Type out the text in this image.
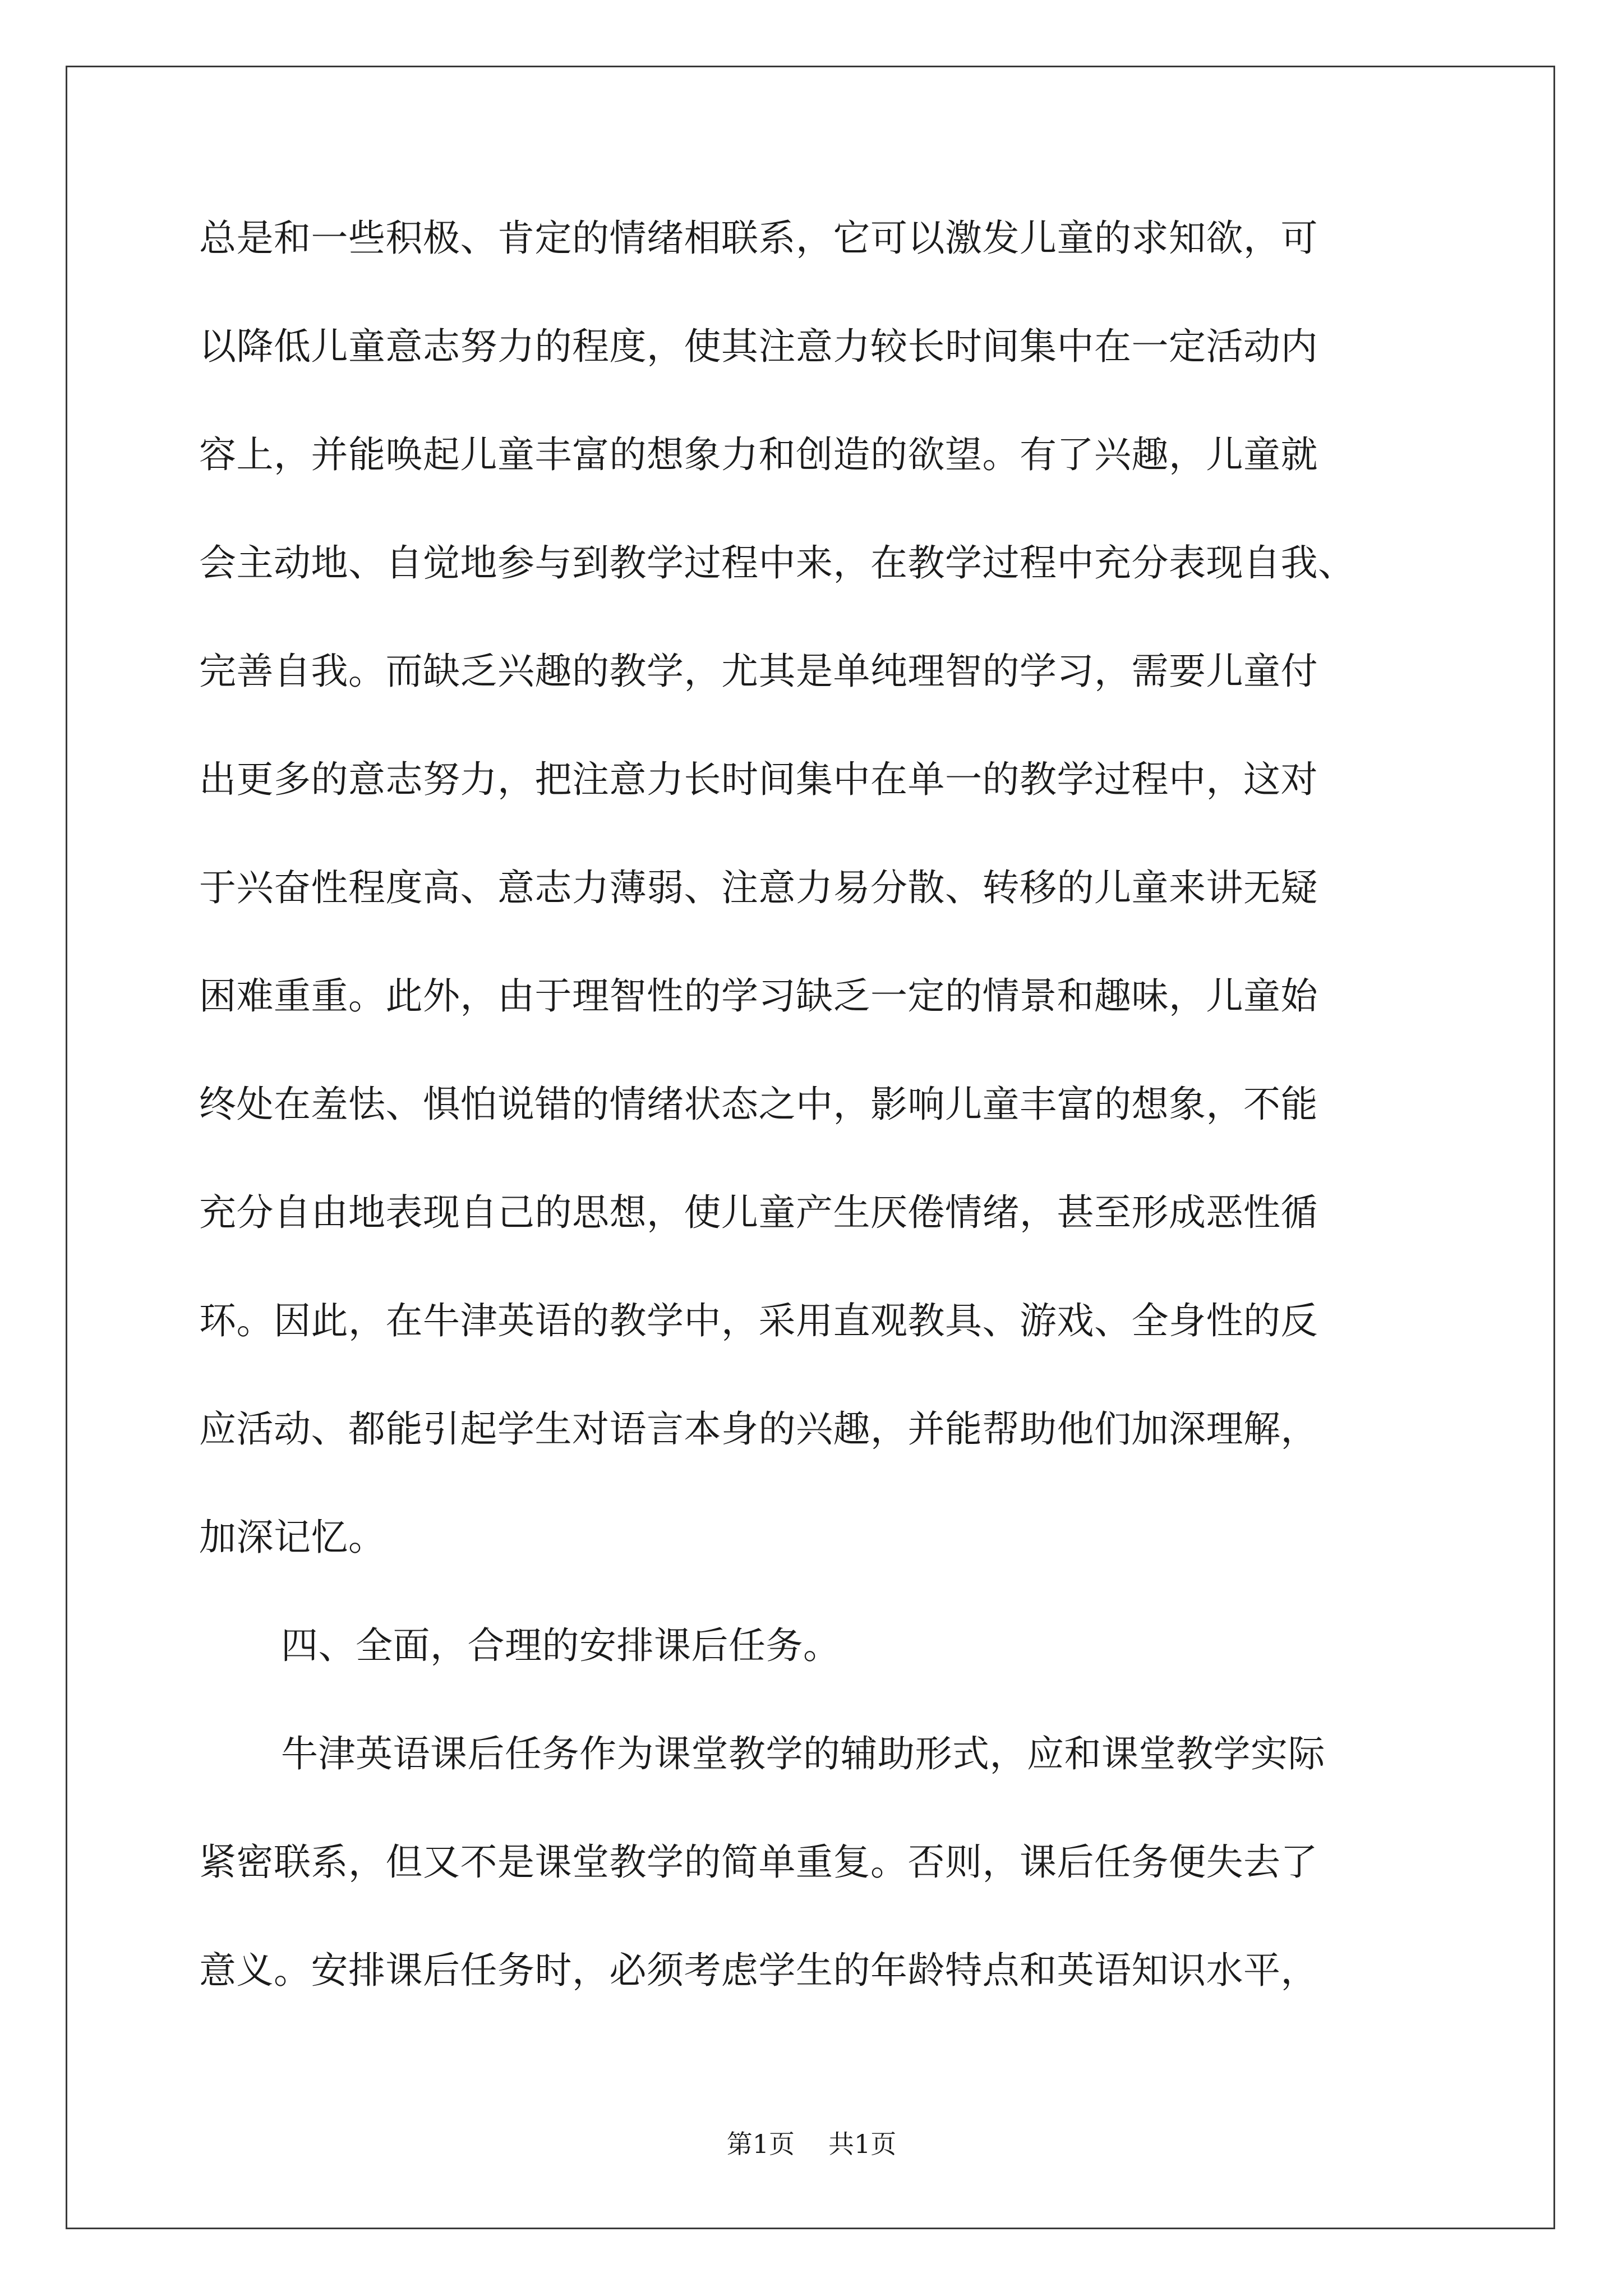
总是和一些积极、肯定的情绪相联系，它可以激发儿童的求知欲，可
以降低儿童意志努力的程度，使其注意力较长时间集中在一定活动内
容上，并能唤起儿童丰富的想象力和创造的欲望。有了兴趣，儿童就
会主动地、自觉地参与到教学过程中来，在教学过程中充分表现自我、
完善自我。而缺乏兴趣的教学，尤其是单纯理智的学习，需要儿童付
出更多的意志努力，把注意力长时间集中在单一的教学过程中，这对
于兴奋性程度高、意志力薄弱、注意力易分散、转移的儿童来讲无疑
困难重重。此外，由于理智性的学习缺乏一定的情景和趣味，儿童始
终处在羞怯、惧怕说错的情绪状态之中，影响儿童丰富的想象，不能
充分自由地表现自己的思想，使儿童产生厌倦情绪，甚至形成恶性循
环。因此，在牛津英语的教学中，采用直观教具、游戏、全身性的反
应活动、都能引起学生对语言本身的兴趣，并能帮助他们加深理解，
加深记忆。
四、全面，合理的安排课后任务。
牛津英语课后任务作为课堂教学的辅助形式，应和课堂教学实际
紧密联系，但又不是课堂教学的简单重复。否则，课后任务便失去了
意义。安排课后任务时，必须考虑学生的年龄特点和英语知识水平，
第1页 共1页
